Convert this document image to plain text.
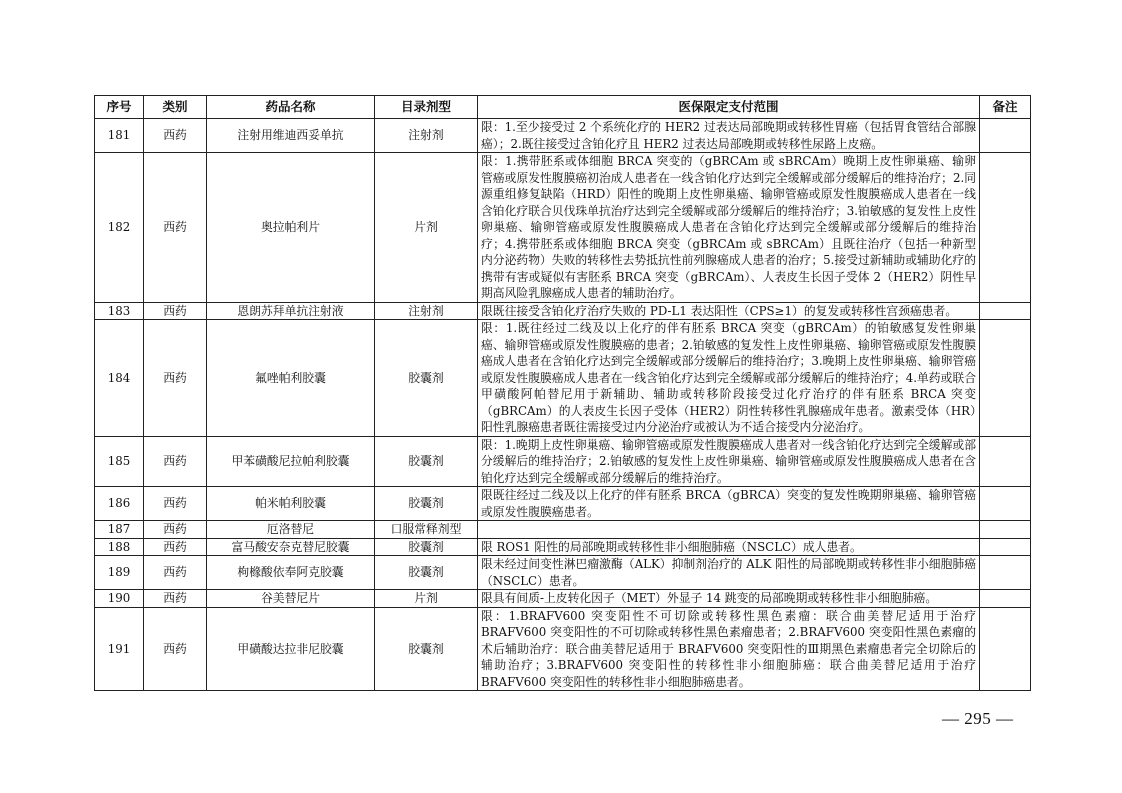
序号	类别	药品名称	目录剂型	医保限定支付范围	备注
181	西药	注射用维迪西妥单抗	注射剂	限：1.至少接受过 2 个系统化疗的 HER2 过表达局部晚期或转移性胃癌（包括胃食管结合部腺癌）；2.既往接受过含铂化疗且 HER2 过表达局部晚期或转移性尿路上皮癌。	
182	西药	奥拉帕利片	片剂	限：1.携带胚系或体细胞 BRCA 突变的（gBRCAm 或 sBRCAm）晚期上皮性卵巢癌、输卵管癌或原发性腹膜癌初治成人患者在一线含铂化疗达到完全缓解或部分缓解后的维持治疗；2.同源重组修复缺陷（HRD）阳性的晚期上皮性卵巢癌、输卵管癌或原发性腹膜癌成人患者在一线含铂化疗联合贝伐珠单抗治疗达到完全缓解或部分缓解后的维持治疗；3.铂敏感的复发性上皮性卵巢癌、输卵管癌或原发性腹膜癌成人患者在含铂化疗达到完全缓解或部分缓解后的维持治疗；4.携带胚系或体细胞 BRCA 突变（gBRCAm 或 sBRCAm）且既往治疗（包括一种新型内分泌药物）失败的转移性去势抵抗性前列腺癌成人患者的治疗；5.接受过新辅助或辅助化疗的携带有害或疑似有害胚系 BRCA 突变（gBRCAm）、人表皮生长因子受体 2（HER2）阴性早期高风险乳腺癌成人患者的辅助治疗。	
183	西药	恩朗苏拜单抗注射液	注射剂	限既往接受含铂化疗治疗失败的 PD-L1 表达阳性（CPS≥1）的复发或转移性宫颈癌患者。	
184	西药	氟唑帕利胶囊	胶囊剂	限：1.既往经过二线及以上化疗的伴有胚系 BRCA 突变（gBRCAm）的铂敏感复发性卵巢癌、输卵管癌或原发性腹膜癌的患者；2.铂敏感的复发性上皮性卵巢癌、输卵管癌或原发性腹膜癌成人患者在含铂化疗达到完全缓解或部分缓解后的维持治疗；3.晚期上皮性卵巢癌、输卵管癌或原发性腹膜癌成人患者在一线含铂化疗达到完全缓解或部分缓解后的维持治疗；4.单药或联合甲磺酸阿帕替尼用于新辅助、辅助或转移阶段接受过化疗治疗的伴有胚系 BRCA 突变（gBRCAm）的人表皮生长因子受体（HER2）阴性转移性乳腺癌成年患者。激素受体（HR）阳性乳腺癌患者既往需接受过内分泌治疗或被认为不适合接受内分泌治疗。	
185	西药	甲苯磺酸尼拉帕利胶囊	胶囊剂	限：1.晚期上皮性卵巢癌、输卵管癌或原发性腹膜癌成人患者对一线含铂化疗达到完全缓解或部分缓解后的维持治疗；2.铂敏感的复发性上皮性卵巢癌、输卵管癌或原发性腹膜癌成人患者在含铂化疗达到完全缓解或部分缓解后的维持治疗。	
186	西药	帕米帕利胶囊	胶囊剂	限既往经过二线及以上化疗的伴有胚系 BRCA（gBRCA）突变的复发性晚期卵巢癌、输卵管癌或原发性腹膜癌患者。	
187	西药	厄洛替尼	口服常释剂型		
188	西药	富马酸安奈克替尼胶囊	胶囊剂	限 ROS1 阳性的局部晚期或转移性非小细胞肺癌（NSCLC）成人患者。	
189	西药	枸橼酸依奉阿克胶囊	胶囊剂	限未经过间变性淋巴瘤激酶（ALK）抑制剂治疗的 ALK 阳性的局部晚期或转移性非小细胞肺癌（NSCLC）患者。	
190	西药	谷美替尼片	片剂	限具有间质-上皮转化因子（MET）外显子 14 跳变的局部晚期或转移性非小细胞肺癌。	
191	西药	甲磺酸达拉非尼胶囊	胶囊剂	限：1.BRAFV600 突变阳性不可切除或转移性黑色素瘤：联合曲美替尼适用于治疗 BRAFV600 突变阳性的不可切除或转移性黑色素瘤患者；2.BRAFV600 突变阳性黑色素瘤的术后辅助治疗：联合曲美替尼适用于 BRAFV600 突变阳性的Ⅲ期黑色素瘤患者完全切除后的辅助治疗；3.BRAFV600 突变阳性的转移性非小细胞肺癌：联合曲美替尼适用于治疗 BRAFV600 突变阳性的转移性非小细胞肺癌患者。	
— 295 —
